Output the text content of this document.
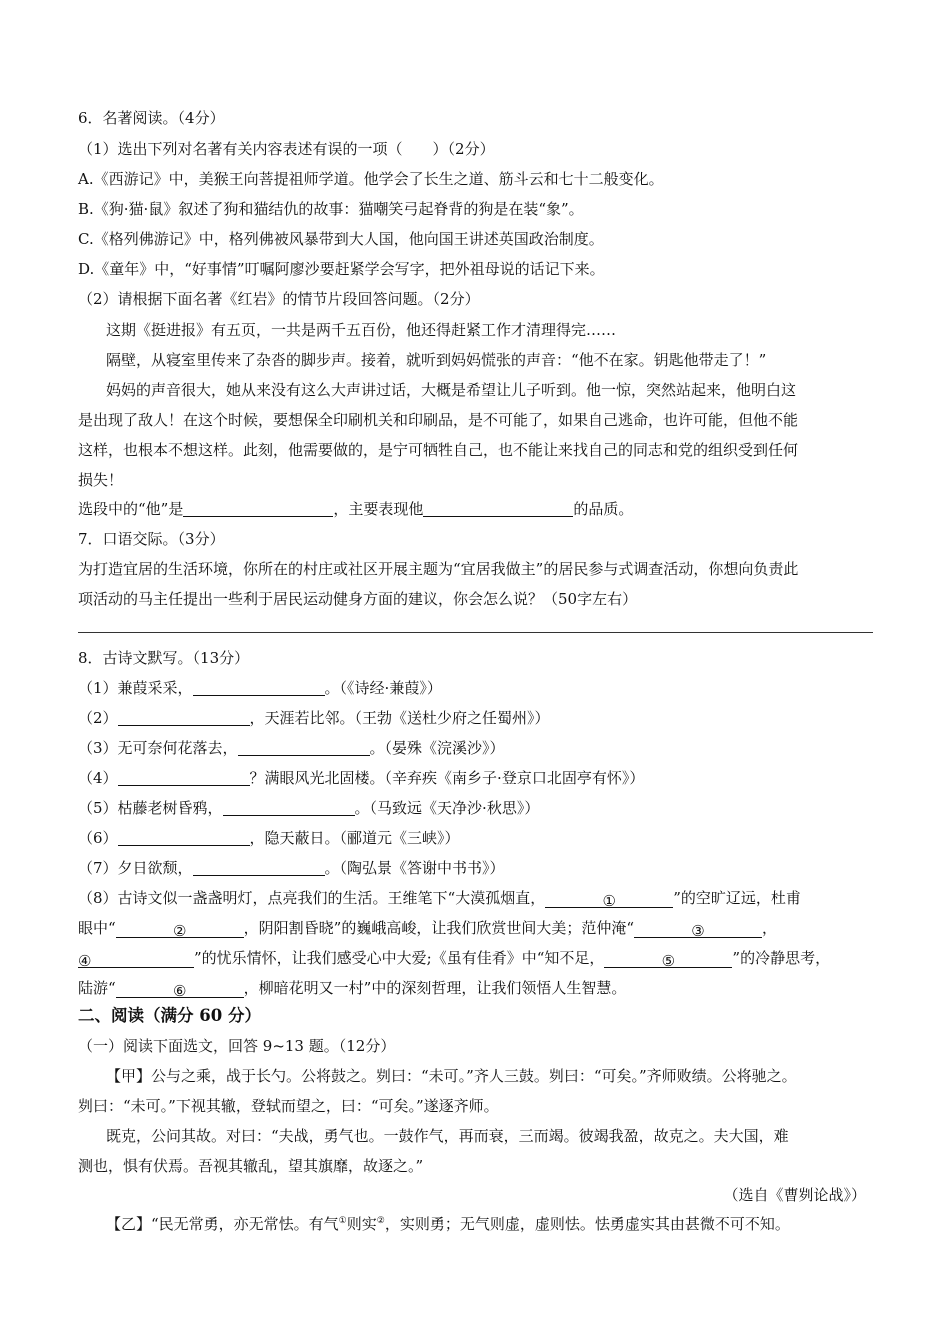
6．名著阅读。（4分）
（1）选出下列对名著有关内容表述有误的一项（　　）（2分）
A.《西游记》中，美猴王向菩提祖师学道。他学会了长生之道、筋斗云和七十二般变化。
B.《狗·猫·鼠》叙述了狗和猫结仇的故事：猫嘲笑弓起脊背的狗是在装“象”。
C.《格列佛游记》中，格列佛被风暴带到大人国，他向国王讲述英国政治制度。
D.《童年》中，“好事情”叮嘱阿廖沙要赶紧学会写字，把外祖母说的话记下来。
（2）请根据下面名著《红岩》的情节片段回答问题。（2分）
这期《挺进报》有五页，一共是两千五百份，他还得赶紧工作才清理得完……
隔壁，从寝室里传来了杂沓的脚步声。接着，就听到妈妈慌张的声音：“他不在家。钥匙他带走了！”
妈妈的声音很大，她从来没有这么大声讲过话，大概是希望让儿子听到。他一惊，突然站起来，他明白这
是出现了敌人！在这个时候，要想保全印刷机关和印刷品，是不可能了，如果自己逃命，也许可能，但他不能
这样，也根本不想这样。此刻，他需要做的，是宁可牺牲自己，也不能让来找自己的同志和党的组织受到任何
损失！
选段中的“他”是	，主要表现他	的品质。
7．口语交际。（3分）
为打造宜居的生活环境，你所在的村庄或社区开展主题为“宜居我做主”的居民参与式调查活动，你想向负责此
项活动的马主任提出一些利于居民运动健身方面的建议，你会怎么说？（50字左右）
8．古诗文默写。（13分）
（1）兼葭采采，	。（《诗经·兼葭》）
（2）	，天涯若比邻。（王勃《送杜少府之任蜀州》）
（3）无可奈何花落去，	。（晏殊《浣溪沙》）
（4）	？满眼风光北固楼。（辛弃疾《南乡子·登京口北固亭有怀》）
（5）枯藤老树昏鸦，	。（马致远《天净沙·秋思》）
（6）	，隐天蔽日。（郦道元《三峡》）
（7）夕日欲颓，	。（陶弘景《答谢中书书》）
（8）古诗文似一盏盏明灯，点亮我们的生活。王维笔下“大漠孤烟直，	①	”的空旷辽远，杜甫
眼中“	②	，阴阳割昏晓”的巍峨高峻，让我们欣赏世间大美；范仲淹“	③	，
④	”的忧乐情怀，让我们感受心中大爱;《虽有佳肴》中“知不足，	⑤	”的冷静思考，
陆游“	⑥	，柳暗花明又一村”中的深刻哲理，让我们领悟人生智慧。
二、阅读（满分 60 分）
（一）阅读下面选文，回答 9~13 题。（12分）
【甲】公与之乘，战于长勺。公将鼓之。刿曰：“未可。”齐人三鼓。刿曰：“可矣。”齐师败绩。公将驰之。
刿曰：“未可。”下视其辙，登轼而望之，曰：“可矣。”遂逐齐师。
既克，公问其故。对曰：“夫战，勇气也。一鼓作气，再而衰，三而竭。彼竭我盈，故克之。夫大国，难
测也，惧有伏焉。吾视其辙乱，望其旗靡，故逐之。”
（选自《曹刿论战》）
【乙】“民无常勇，亦无常怯。有气①则实②，实则勇；无气则虚，虚则怯。怯勇虚实其由甚微不可不知。
